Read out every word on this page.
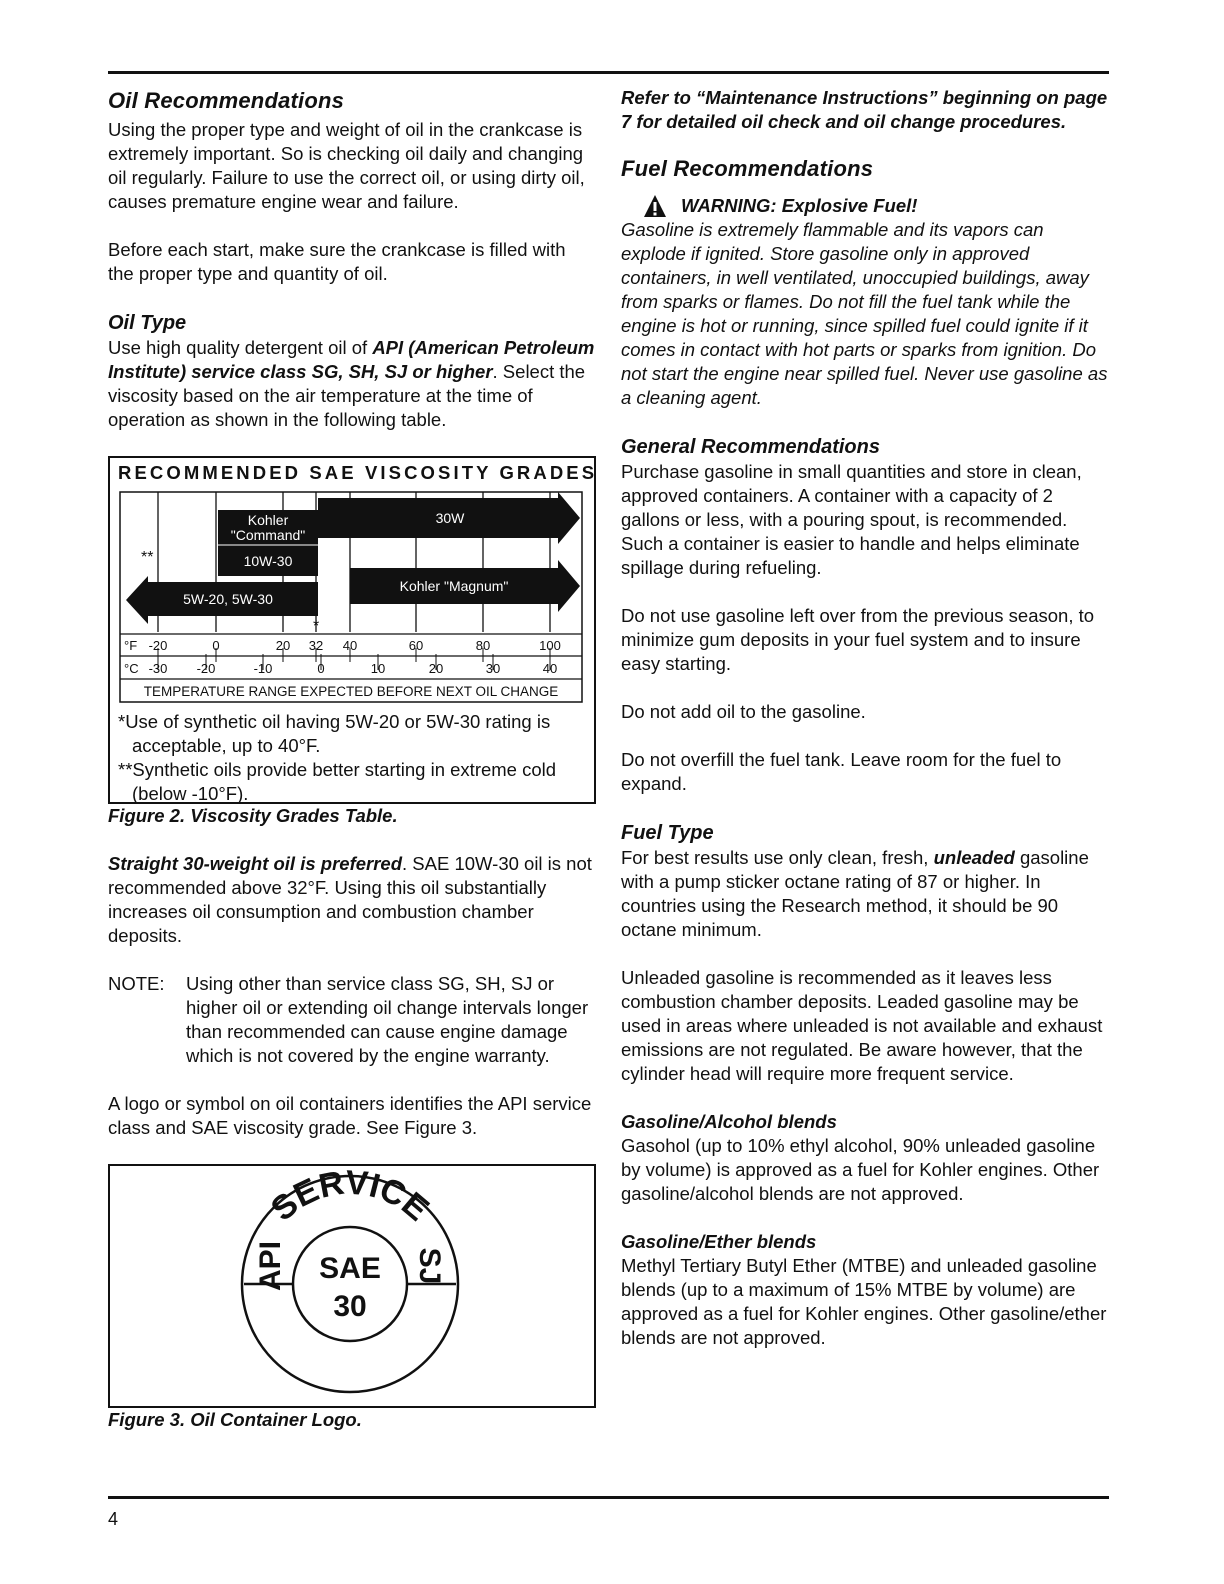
Oil Recommendations

Using the proper type and weight of oil in the crankcase is extremely important. So is checking oil daily and changing oil regularly. Failure to use the correct oil, or using dirty oil, causes premature engine wear and failure.

Before each start, make sure the crankcase is filled with the proper type and quantity of oil.

Oil Type

Use high quality detergent oil of API (American Petroleum Institute) service class SG, SH, SJ or higher. Select the viscosity based on the air temperature at the time of operation as shown in the following table.

RECOMMENDED SAE VISCOSITY GRADES
Kohler
"Command"
10W-30
30W
Kohler "Magnum"
5W-20, 5W-30
**
*
°F -20	0	20 32 40	60	80	100
°C -30 -20	-10	0	10	20	30	40
TEMPERATURE RANGE EXPECTED BEFORE NEXT OIL CHANGE
*Use of synthetic oil having 5W-20 or 5W-30 rating is acceptable, up to 40°F.
**Synthetic oils provide better starting in extreme cold (below -10°F).
Figure 2. Viscosity Grades Table.

Straight 30-weight oil is preferred. SAE 10W-30 oil is not recommended above 32°F. Using this oil substantially increases oil consumption and combustion chamber deposits.

NOTE:	Using other than service class SG, SH, SJ or higher oil or extending oil change intervals longer than recommended can cause engine damage which is not covered by the engine warranty.

A logo or symbol on oil containers identifies the API service class and SAE viscosity grade. See Figure 3.

SERVICE
API	SJ
SAE
30
Figure 3. Oil Container Logo.

Refer to “Maintenance Instructions” beginning on page 7 for detailed oil check and oil change procedures.

Fuel Recommendations
WARNING: Explosive Fuel!

Gasoline is extremely flammable and its vapors can explode if ignited. Store gasoline only in approved containers, in well ventilated, unoccupied buildings, away from sparks or flames. Do not fill the fuel tank while the engine is hot or running, since spilled fuel could ignite if it comes in contact with hot parts or sparks from ignition. Do not start the engine near spilled fuel. Never use gasoline as a cleaning agent.

General Recommendations

Purchase gasoline in small quantities and store in clean, approved containers. A container with a capacity of 2 gallons or less, with a pouring spout, is recommended. Such a container is easier to handle and helps eliminate spillage during refueling.

Do not use gasoline left over from the previous season, to minimize gum deposits in your fuel system and to insure easy starting.

Do not add oil to the gasoline.

Do not overfill the fuel tank. Leave room for the fuel to expand.

Fuel Type

For best results use only clean, fresh, unleaded gasoline with a pump sticker octane rating of 87 or higher. In countries using the Research method, it should be 90 octane minimum.

Unleaded gasoline is recommended as it leaves less combustion chamber deposits. Leaded gasoline may be used in areas where unleaded is not available and exhaust emissions are not regulated. Be aware however, that the cylinder head will require more frequent service.

Gasoline/Alcohol blends

Gasohol (up to 10% ethyl alcohol, 90% unleaded gasoline by volume) is approved as a fuel for Kohler engines. Other gasoline/alcohol blends are not approved.

Gasoline/Ether blends

Methyl Tertiary Butyl Ether (MTBE) and unleaded gasoline blends (up to a maximum of 15% MTBE by volume) are approved as a fuel for Kohler engines. Other gasoline/ether blends are not approved.

4
